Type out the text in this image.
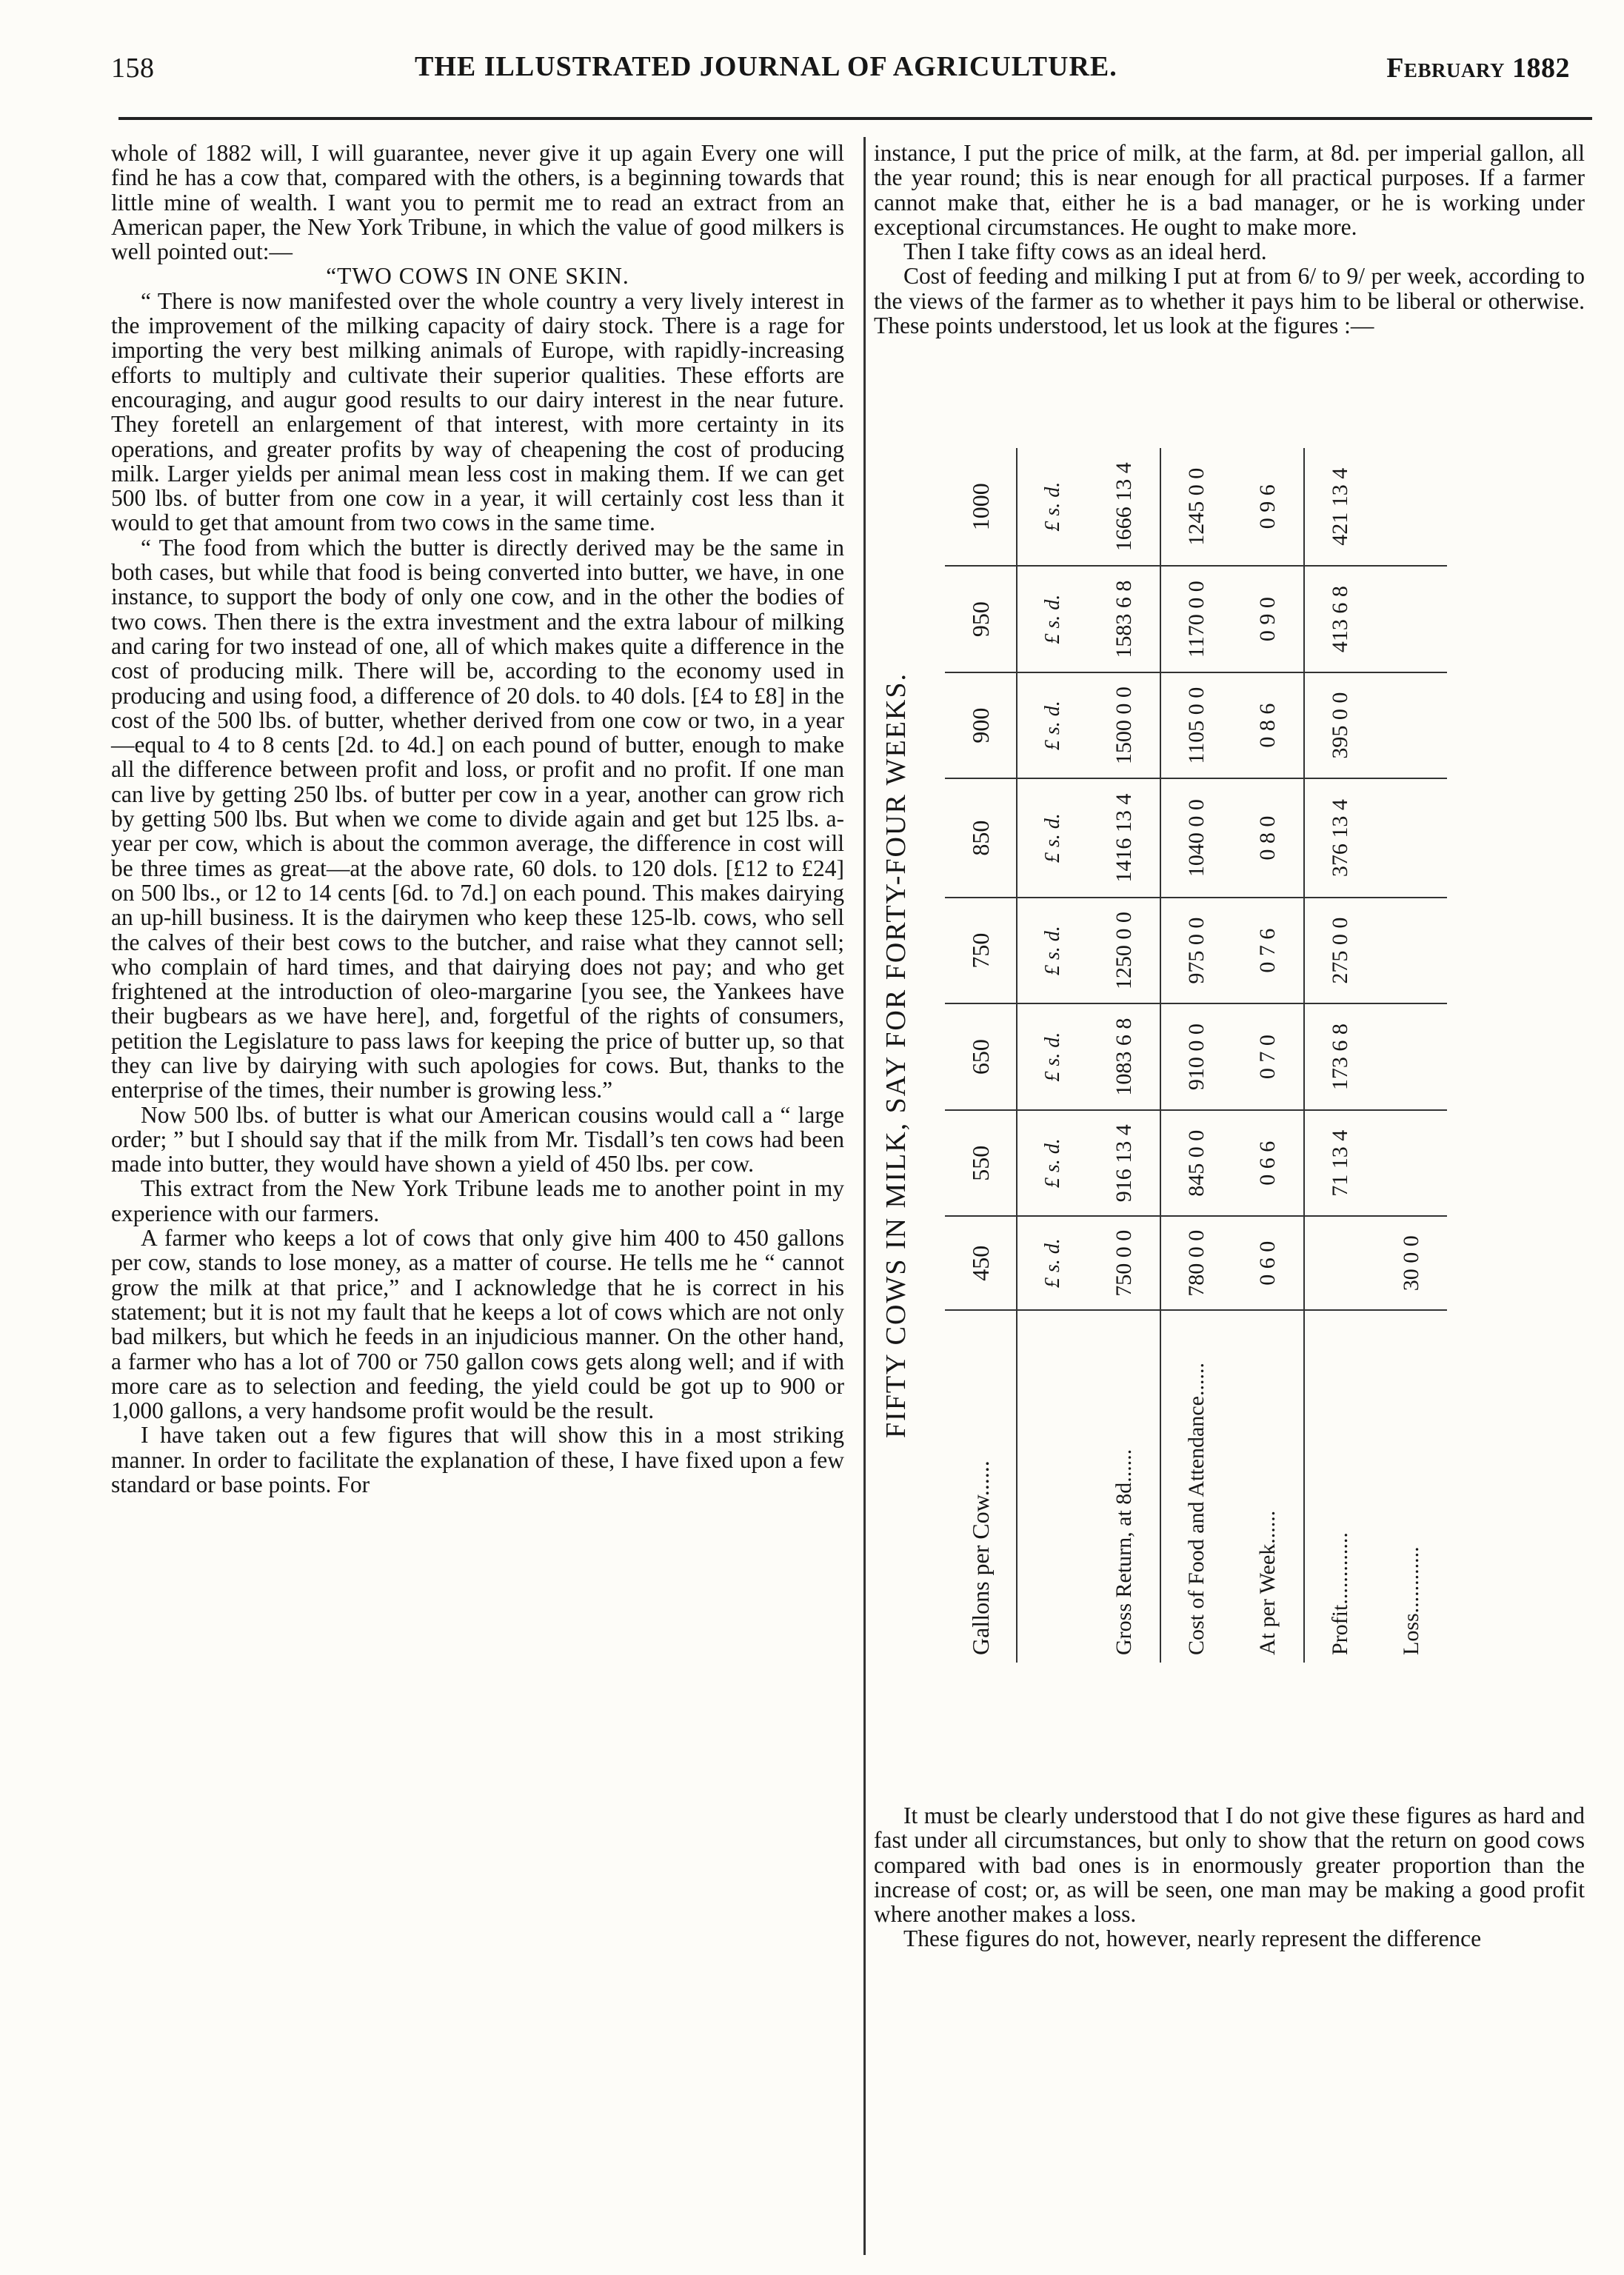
158	THE ILLUSTRATED JOURNAL OF AGRICULTURE.	February 1882

whole of 1882 will, I will guarantee, never give it up again Every one will find he has a cow that, compared with the others, is a beginning towards that little mine of wealth. I want you to permit me to read an extract from an American paper, the New York Tribune, in which the value of good milkers is well pointed out:—

“TWO COWS IN ONE SKIN.

“ There is now manifested over the whole country a very lively interest in the improvement of the milking capacity of dairy stock. There is a rage for importing the very best milking animals of Europe, with rapidly-increasing efforts to multiply and cultivate their superior qualities. These efforts are encouraging, and augur good results to our dairy interest in the near future. They foretell an enlargement of that interest, with more certainty in its operations, and greater profits by way of cheapening the cost of producing milk. Larger yields per animal mean less cost in making them. If we can get 500 lbs. of butter from one cow in a year, it will certainly cost less than it would to get that amount from two cows in the same time.

“ The food from which the butter is directly derived may be the same in both cases, but while that food is being converted into butter, we have, in one instance, to support the body of only one cow, and in the other the bodies of two cows. Then there is the extra investment and the extra labour of milking and caring for two instead of one, all of which makes quite a difference in the cost of producing milk. There will be, according to the economy used in producing and using food, a difference of 20 dols. to 40 dols. [£4 to £8] in the cost of the 500 lbs. of butter, whether derived from one cow or two, in a year—equal to 4 to 8 cents [2d. to 4d.] on each pound of butter, enough to make all the difference between profit and loss, or profit and no profit. If one man can live by getting 250 lbs. of butter per cow in a year, another can grow rich by getting 500 lbs. But when we come to divide again and get but 125 lbs. a-year per cow, which is about the common average, the difference in cost will be three times as great—at the above rate, 60 dols. to 120 dols. [£12 to £24] on 500 lbs., or 12 to 14 cents [6d. to 7d.] on each pound. This makes dairying an up-hill business. It is the dairymen who keep these 125-lb. cows, who sell the calves of their best cows to the butcher, and raise what they cannot sell; who complain of hard times, and that dairying does not pay; and who get frightened at the introduction of oleo-margarine [you see, the Yankees have their bugbears as we have here], and, forgetful of the rights of consumers, petition the Legislature to pass laws for keeping the price of butter up, so that they can live by dairying with such apologies for cows. But, thanks to the enterprise of the times, their number is growing less.”

Now 500 lbs. of butter is what our American cousins would call a “ large order; ” but I should say that if the milk from Mr. Tisdall’s ten cows had been made into butter, they would have shown a yield of 450 lbs. per cow.

This extract from the New York Tribune leads me to another point in my experience with our farmers.

A farmer who keeps a lot of cows that only give him 400 to 450 gallons per cow, stands to lose money, as a matter of course. He tells me he “ cannot grow the milk at that price,” and I acknowledge that he is correct in his statement; but it is not my fault that he keeps a lot of cows which are not only bad milkers, but which he feeds in an injudicious manner. On the other hand, a farmer who has a lot of 700 or 750 gallon cows gets along well; and if with more care as to selection and feeding, the yield could be got up to 900 or 1,000 gallons, a very handsome profit would be the result.

I have taken out a few figures that will show this in a most striking manner. In order to facilitate the explanation of these, I have fixed upon a few standard or base points. For

instance, I put the price of milk, at the farm, at 8d. per imperial gallon, all the year round; this is near enough for all practical purposes. If a farmer cannot make that, either he is a bad manager, or he is working under exceptional circumstances. He ought to make more.

Then I take fifty cows as an ideal herd.

Cost of feeding and milking I put at from 6/ to 9/ per week, according to the views of the farmer as to whether it pays him to be liberal or otherwise. These points understood, let us look at the figures :—

It must be clearly understood that I do not give these figures as hard and fast under all circumstances, but only to show that the return on good cows compared with bad ones is in enormously greater proportion than the increase of cost; or, as will be seen, one man may be making a good profit where another makes a loss.

These figures do not, however, nearly represent the difference

FIFTY COWS IN MILK, SAY FOR FORTY-FOUR WEEKS.
Gallons per Cow......	450	550	650	750	850	900	950	1000
	£ s. d.	£ s. d.	£ s. d.	£ s. d.	£ s. d.	£ s. d.	£ s. d.	£ s. d.
Gross Return, at 8d......	750 0 0	916 13 4	1083 6 8	1250 0 0	1416 13 4	1500 0 0	1583 6 8	1666 13 4
Cost of Food and Attendance......	780 0 0	845 0 0	910 0 0	975 0 0	1040 0 0	1105 0 0	1170 0 0	1245 0 0
At per Week......	0 6 0	0 6 6	0 7 0	0 7 6	0 8 0	0 8 6	0 9 0	0 9 6
Profit.............		71 13 4	173 6 8	275 0 0	376 13 4	395 0 0	413 6 8	421 13 4
Loss............	30 0 0							
